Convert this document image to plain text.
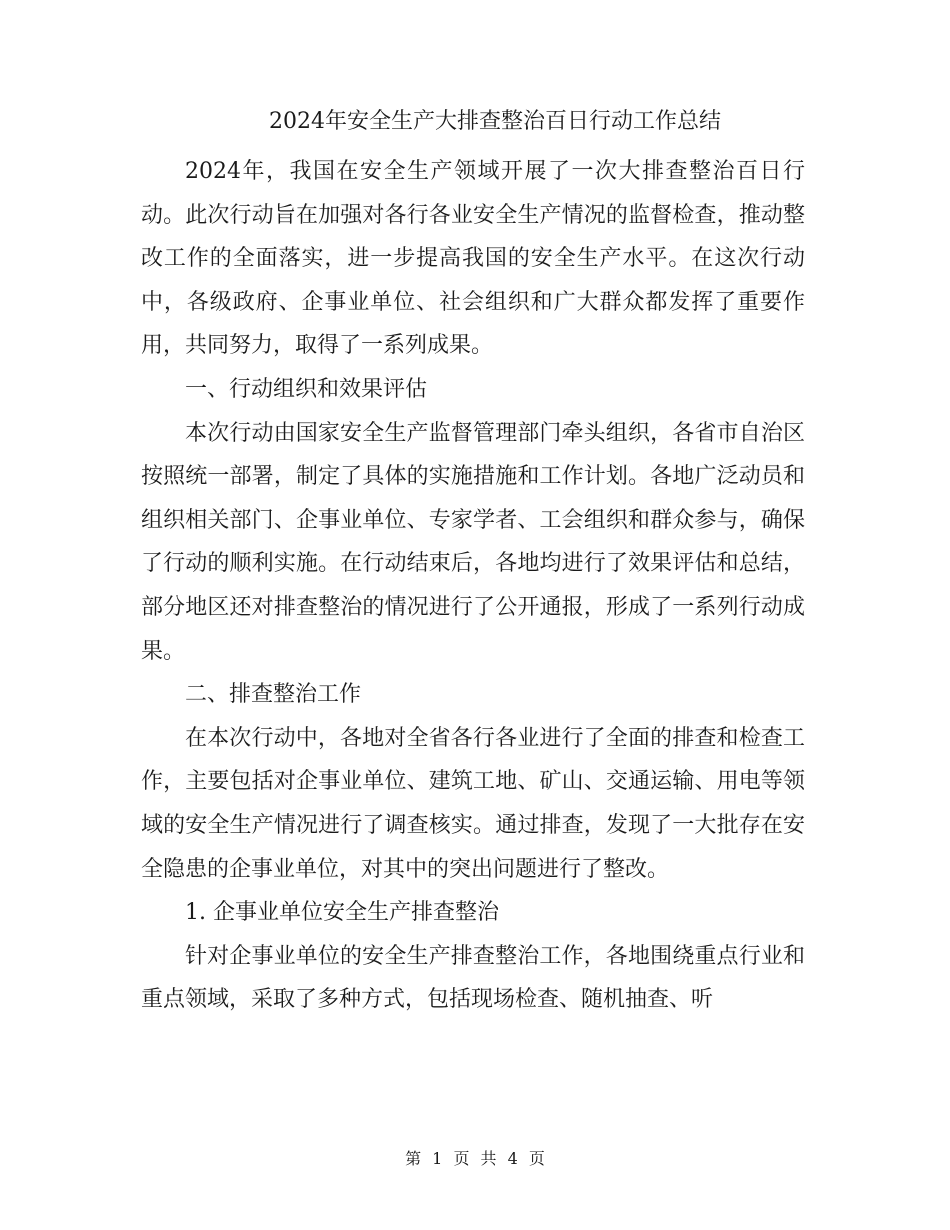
2024年安全生产大排查整治百日行动工作总结

2024年，我国在安全生产领域开展了一次大排查整治百日行动。此次行动旨在加强对各行各业安全生产情况的监督检查，推动整改工作的全面落实，进一步提高我国的安全生产水平。在这次行动中，各级政府、企事业单位、社会组织和广大群众都发挥了重要作用，共同努力，取得了一系列成果。

一、行动组织和效果评估

本次行动由国家安全生产监督管理部门牵头组织，各省市自治区按照统一部署，制定了具体的实施措施和工作计划。各地广泛动员和组织相关部门、企事业单位、专家学者、工会组织和群众参与，确保了行动的顺利实施。在行动结束后，各地均进行了效果评估和总结，部分地区还对排查整治的情况进行了公开通报，形成了一系列行动成果。

二、排查整治工作

在本次行动中，各地对全省各行各业进行了全面的排查和检查工作，主要包括对企事业单位、建筑工地、矿山、交通运输、用电等领域的安全生产情况进行了调查核实。通过排查，发现了一大批存在安全隐患的企事业单位，对其中的突出问题进行了整改。

1. 企事业单位安全生产排查整治

针对企事业单位的安全生产排查整治工作，各地围绕重点行业和重点领域，采取了多种方式，包括现场检查、随机抽查、听

第 1 页 共 4 页
